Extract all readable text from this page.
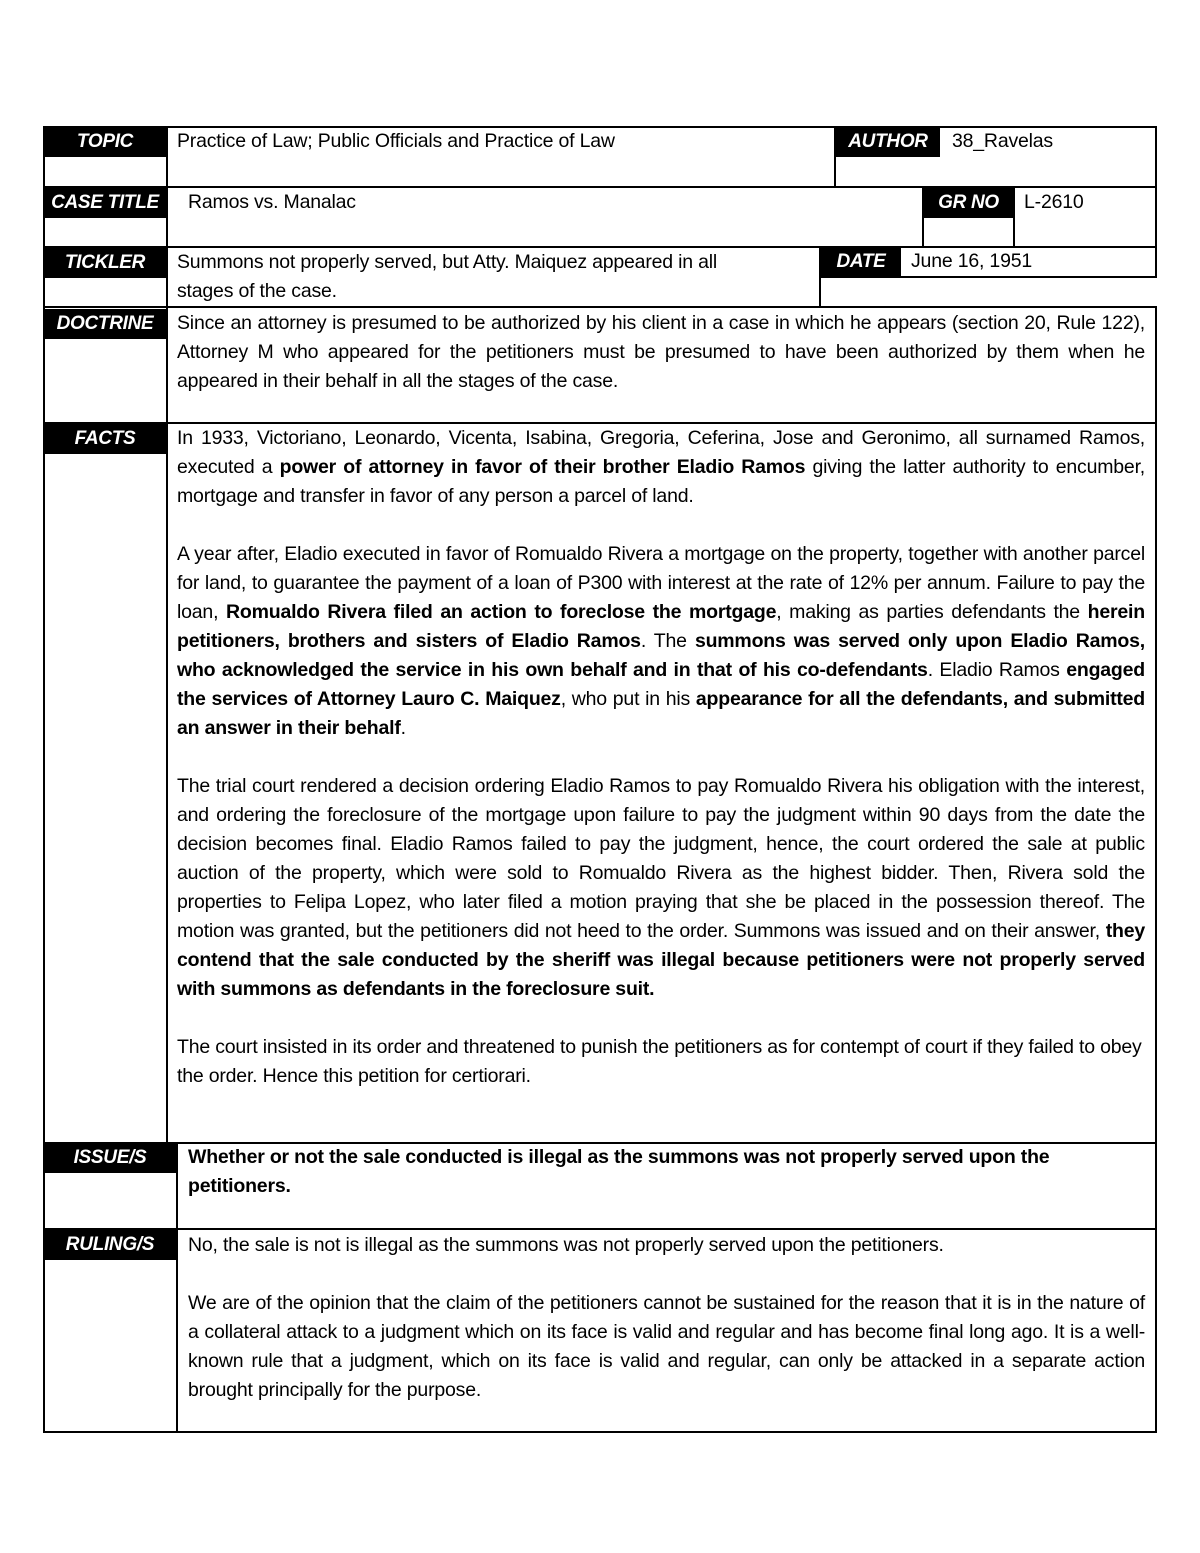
TOPIC	Practice of Law; Public Officials and Practice of Law	AUTHOR	38_Ravelas
CASE TITLE	Ramos vs. Manalac	GR NO	L-2610
TICKLER	Summons not properly served, but Atty. Maiquez appeared in all
stages of the case.
DATE	June 16, 1951
DOCTRINE	Since an attorney is presumed to be authorized by his client in a case in which he appears (section 20, Rule 122), Attorney M who appeared for the petitioners must be presumed to have been authorized by them when he appeared in their behalf in all the stages of the case.
FACTS	In 1933, Victoriano, Leonardo, Vicenta, Isabina, Gregoria, Ceferina, Jose and Geronimo, all surnamed Ramos, executed a power of attorney in favor of their brother Eladio Ramos giving the latter authority to encumber, mortgage and transfer in favor of any person a parcel of land.

A year after, Eladio executed in favor of Romualdo Rivera a mortgage on the property, together with another parcel for land, to guarantee the payment of a loan of P300 with interest at the rate of 12% per annum. Failure to pay the loan, Romualdo Rivera filed an action to foreclose the mortgage, making as parties defendants the herein petitioners, brothers and sisters of Eladio Ramos. The summons was served only upon Eladio Ramos, who acknowledged the service in his own behalf and in that of his co-defendants. Eladio Ramos engaged the services of Attorney Lauro C. Maiquez, who put in his appearance for all the defendants, and submitted an answer in their behalf.

The trial court rendered a decision ordering Eladio Ramos to pay Romualdo Rivera his obligation with the interest, and ordering the foreclosure of the mortgage upon failure to pay the judgment within 90 days from the date the decision becomes final. Eladio Ramos failed to pay the judgment, hence, the court ordered the sale at public auction of the property, which were sold to Romualdo Rivera as the highest bidder. Then, Rivera sold the properties to Felipa Lopez, who later filed a motion praying that she be placed in the possession thereof. The motion was granted, but the petitioners did not heed to the order. Summons was issued and on their answer, they contend that the sale conducted by the sheriff was illegal because petitioners were not properly served with summons as defendants in the foreclosure suit.

The court insisted in its order and threatened to punish the petitioners as for contempt of court if they failed to obey the order. Hence this petition for certiorari.

ISSUE/S	Whether or not the sale conducted is illegal as the summons was not properly served upon the petitioners.
RULING/S	No, the sale is not is illegal as the summons was not properly served upon the petitioners.

We are of the opinion that the claim of the petitioners cannot be sustained for the reason that it is in the nature of a collateral attack to a judgment which on its face is valid and regular and has become final long ago. It is a well-known rule that a judgment, which on its face is valid and regular, can only be attacked in a separate action brought principally for the purpose.
